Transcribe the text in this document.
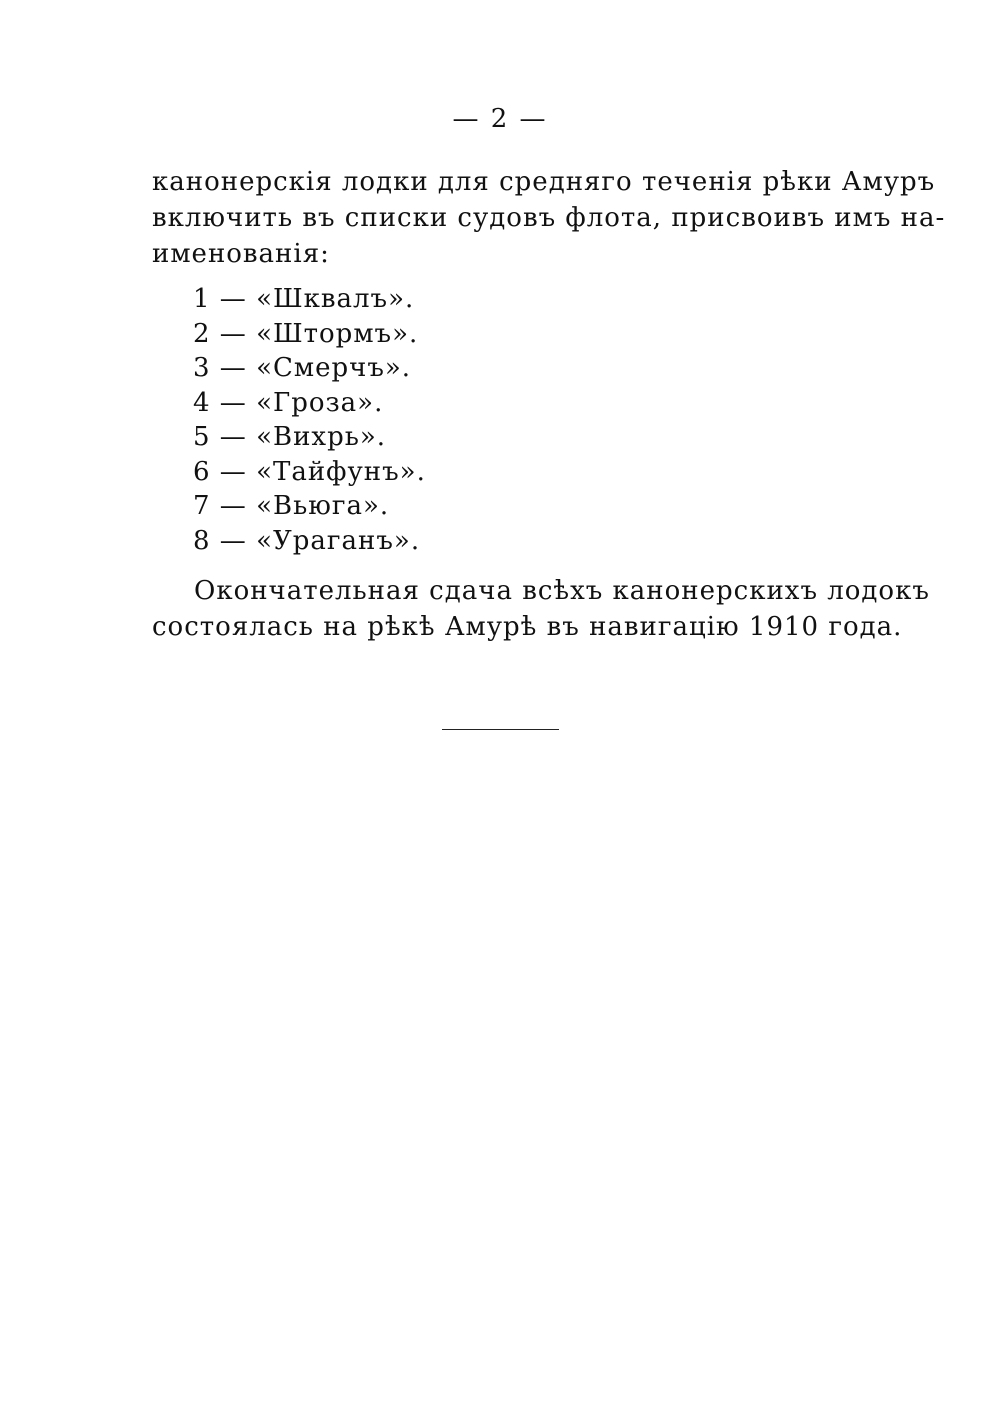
— 2 —
канонерскія лодки для средняго теченія рѣки Амуръ
включить въ списки судовъ флота, присвоивъ имъ на-
именованія:
1 — «Шквалъ».
2 — «Штормъ».
3 — «Смерчъ».
4 — «Гроза».
5 — «Вихрь».
6 — «Тайфунъ».
7 — «Вьюга».
8 — «Ураганъ».
Окончательная сдача всѣхъ канонерскихъ лодокъ
состоялась на рѣкѣ Амурѣ въ навигацію 1910 года.
